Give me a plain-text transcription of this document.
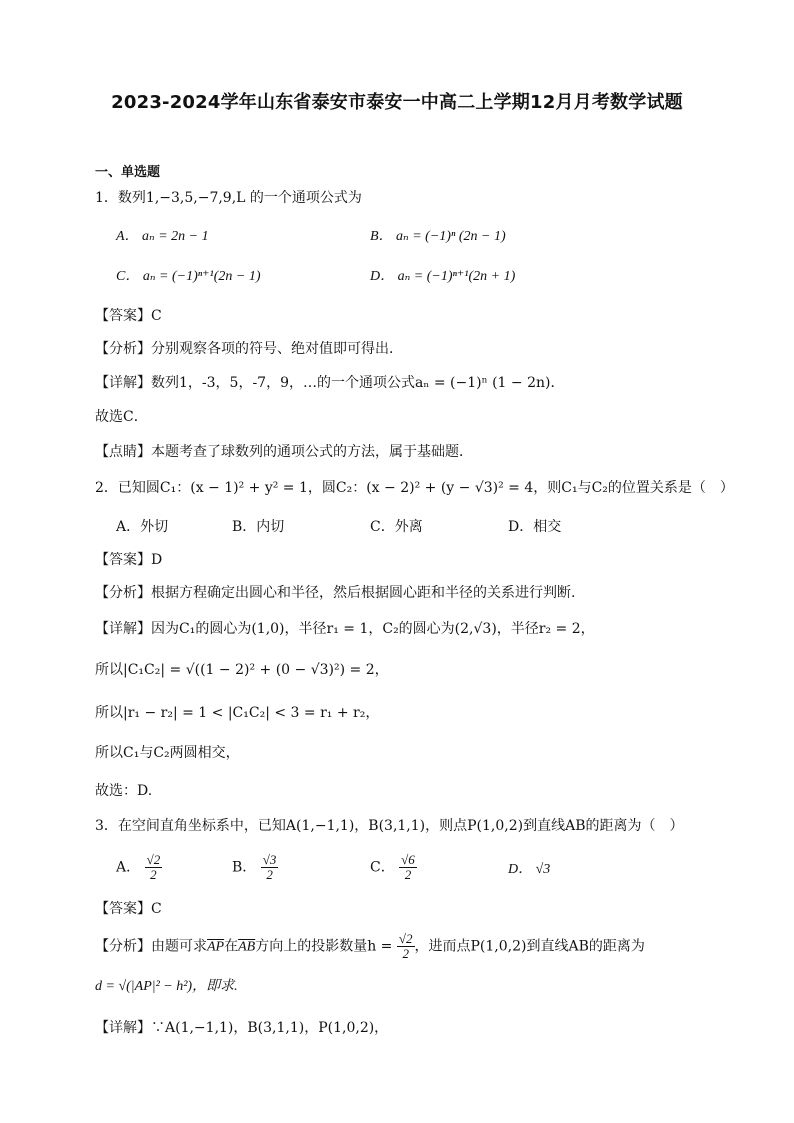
2023-2024学年山东省泰安市泰安一中高二上学期12月月考数学试题
一、单选题
1．数列1,−3,5,−7,9,L 的一个通项公式为
A． aₙ = 2n − 1	B． aₙ = (−1)ⁿ (2n − 1)
C． aₙ = (−1)ⁿ⁺¹(2n − 1)	D． aₙ = (−1)ⁿ⁺¹(2n + 1)
【答案】C
【分析】分别观察各项的符号、绝对值即可得出．
【详解】数列1，-3，5，-7，9，…的一个通项公式aₙ = (−1)ⁿ (1 − 2n)．
故选C．
【点睛】本题考查了球数列的通项公式的方法，属于基础题．
2．已知圆C₁：(x − 1)² + y² = 1，圆C₂：(x − 2)² + (y − √3)² = 4，则C₁与C₂的位置关系是（　）
A．外切	B．内切	C．外离	D．相交
【答案】D
【分析】根据方程确定出圆心和半径，然后根据圆心距和半径的关系进行判断.
【详解】因为C₁的圆心为(1,0)，半径r₁ = 1，C₂的圆心为(2,√3)，半径r₂ = 2，
所以|C₁C₂| = √((1 − 2)² + (0 − √3)²) = 2，
所以|r₁ − r₂| = 1 < |C₁C₂| < 3 = r₁ + r₂，
所以C₁与C₂两圆相交，
故选：D.
3．在空间直角坐标系中，已知A(1,−1,1)，B(3,1,1)，则点P(1,0,2)到直线AB的距离为（　）
A． $\frac{√2}{2}$	B． $\frac{√3}{2}$	C． $\frac{√6}{2}$	D． √3
【答案】C
【分析】由题可求$\overline{AP}$在$\overline{AB}$方向上的投影数量$h = \frac{√2}{2}$ ，进而点P(1,0,2)到直线AB的距离为
d = √(|AP|² − h²)，即求.
【详解】∵A(1,−1,1)，B(3,1,1)，P(1,0,2)，
